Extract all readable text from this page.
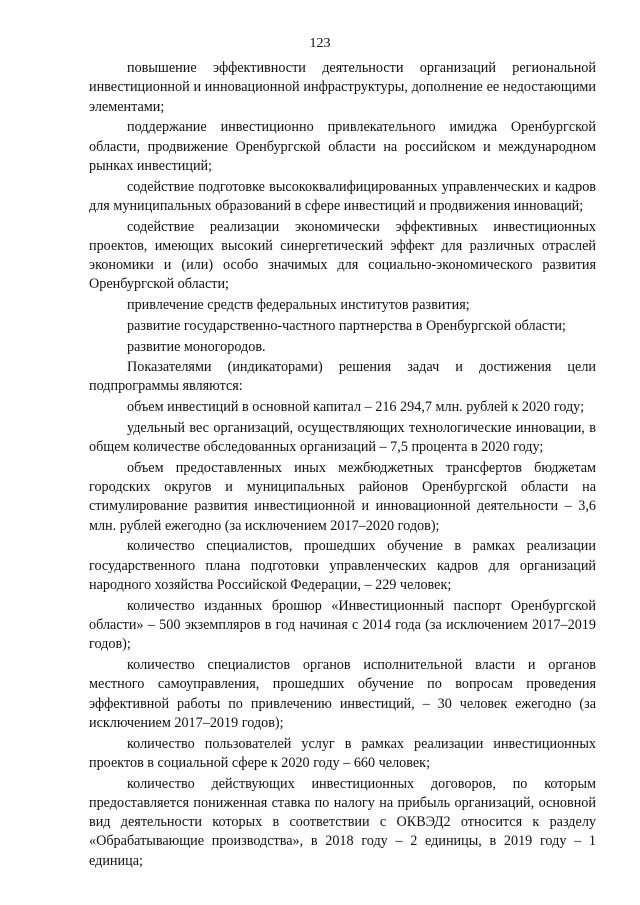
123

повышение эффективности деятельности организаций региональной инвестиционной и инновационной инфраструктуры, дополнение ее недостающими элементами;

поддержание инвестиционно привлекательного имиджа Оренбургской области, продвижение Оренбургской области на российском и международном рынках инвестиций;

содействие подготовке высококвалифицированных управленческих и кадров для муниципальных образований в сфере инвестиций и продвижения инноваций;

содействие реализации экономически эффективных инвестиционных проектов, имеющих высокий синергетический эффект для различных отраслей экономики и (или) особо значимых для социально-экономического развития Оренбургской области;

привлечение средств федеральных институтов развития;

развитие государственно-частного партнерства в Оренбургской области;

развитие моногородов.

Показателями (индикаторами) решения задач и достижения цели подпрограммы являются:

объем инвестиций в основной капитал – 216 294,7 млн. рублей к 2020 году;

удельный вес организаций, осуществляющих технологические инновации, в общем количестве обследованных организаций – 7,5 процента в 2020 году;

объем предоставленных иных межбюджетных трансфертов бюджетам городских округов и муниципальных районов Оренбургской области на стимулирование развития инвестиционной и инновационной деятельности – 3,6 млн. рублей ежегодно (за исключением 2017–2020 годов);

количество специалистов, прошедших обучение в рамках реализации государственного плана подготовки управленческих кадров для организаций народного хозяйства Российской Федерации, – 229 человек;

количество изданных брошюр «Инвестиционный паспорт Оренбургской области» – 500 экземпляров в год начиная с 2014 года (за исключением 2017–2019 годов);

количество специалистов органов исполнительной власти и органов местного самоуправления, прошедших обучение по вопросам проведения эффективной работы по привлечению инвестиций, – 30 человек ежегодно (за исключением 2017–2019 годов);

количество пользователей услуг в рамках реализации инвестиционных проектов в социальной сфере к 2020 году – 660 человек;

количество действующих инвестиционных договоров, по которым предоставляется пониженная ставка по налогу на прибыль организаций, основной вид деятельности которых в соответствии с ОКВЭД2 относится к разделу «Обрабатывающие производства», в 2018 году – 2 единицы, в 2019 году – 1 единица;
